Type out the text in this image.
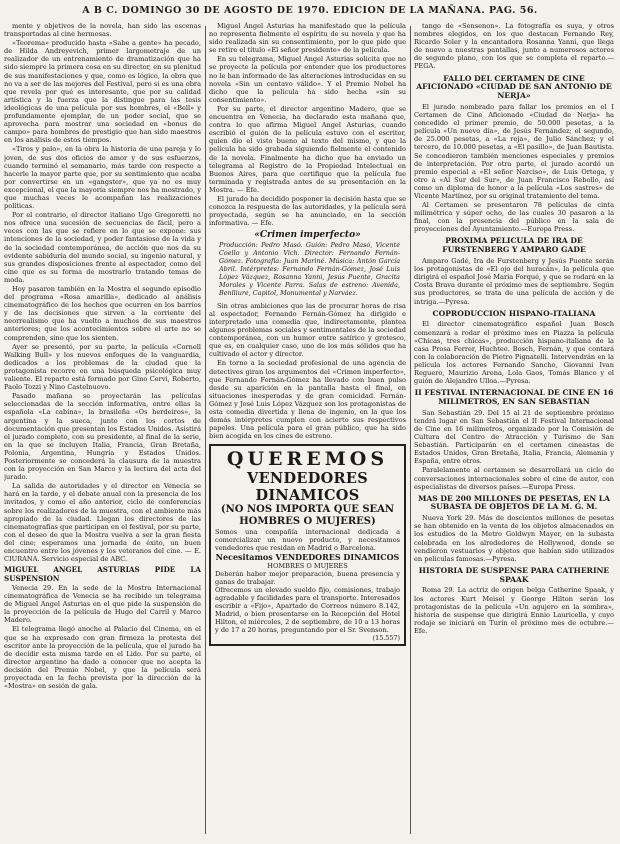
A B C. DOMINGO 30 DE AGOSTO DE 1970. EDICION DE LA MAÑANA. PAG. 56.

mente y objetivos de la novela, han sido las escenas transportadas al cine hermosas.

«Teorema» producido hasta «Sabe a gente» ha pecado, de Hilda Andreyevich, primer largometraje de un realizador de un entrenamiento de dramatización que ha sido siempre la primera cosa en su director, en su plenitud de sus manifestaciones y que, como es lógico, la obra que no va a ser de las mejores del Festival, pero si es una obra que revela por qué es interesante, que por su calidad artística y la fuerza que la distingue para las tesis ideológicas de una película por sus hombres, el «Bell» y profundamente ejemplar, de un poder social, que se aprovecha para mostrar una sociedad en «bonus de campo» para hombres de prestigio que han sido maestros en los análisis de estos tiempos.

«Tiros y palo», en la obra la historia de una pareja y lo joven, de sus dos oficios de amor y de sus esfuerzos, cuando terminó el semanario, más tarde con respecto a hacerle la mayor parte que, por su sentimiento que acaba por convertirse en un «gangster», que ya no es muy excepcional, el que la mayoría siempre nos ha mostrado, y que muchas veces le acompañan las realizaciones políticas.

Por el contrario, el director italiano Ugo Gregoretti no nos ofrece una sucesión de secuencias de fácil, pero a veces con las que se refiere en lo que se expone: sus intenciones de la sociedad, y poder fantasioso de la vida y de la sociedad contemporánea, de acción que nos da su evidente sabiduría del mundo social, su ingenio natural, y sus grandes disposiciones frente al espectador, como del cine que es su forma de mostrarlo tratando temas de moda.

Hoy pasaron también en la Mostra el segundo episodio del programa «Rosa amarilla», dedicado al análisis cinematográfico de los hechos que ocurren en los barrios y de las decisiones que sirven a la corriente del neorrealismo que ha vuelto a muchos de sus maestros anteriores; que los acontecimientos sobre el arte no se comprenden, sino que los sienten.

Ayer se presentó, por su parte, la película «Cornell Walking Bull» y los nuevos enfoques de la vanguardia, dedicados a los problemas de la ciudad que la protagonista recorre en una búsqueda psicológica muy valiente. El reparto está formado por Gino Cervi, Roberto, Paolo Tozzi y Nino Castelnuovo.

Pasado mañana se proyectarán las películas seleccionadas de la sección informativa, entre ellas la española «La cabina», la brasileña «Os herdeiros», la argentina y la sueca, junto con los cortos de documentación que presentan los Estados Unidos. Asistirá el jurado completo, con su presidente, al final de la serie, en la que se incluyen Italia, Francia, Gran Bretaña, Polonia, Argentina, Hungría y Estados Unidos. Posteriormente se concederá la clausura de la muestra con la proyección en San Marco y la lectura del acta del jurado.

La salida de autoridades y el director en Venecia se hará en la tarde, y el debate anual con la presencia de los invitados, y como el año anterior, ciclo de conferencias sobre los realizadores de la muestra, con el ambiente más apropiado de la ciudad. Llegan los directores de las cinematografías que participan en el festival, por su parte, con el deseo de que la Mostra vuelva a ser la gran fiesta del cine; esperamos una jornada de éxito, un buen encuentro entre los jóvenes y los veteranos del cine. — E. CIURANA. Servicio especial de ABC.

MIGUEL ANGEL ASTURIAS PIDE LA SUSPENSION

Venecia 29. En la sede de la Mostra Internacional cinematográfica de Venecia se ha recibido un telegrama de Miguel Angel Asturias en el que pide la suspensión de la proyección de la película de Hugo del Carril y Marco Madero.

El telegrama llegó anoche al Palacio del Cinema, en el que se ha expresado con gran firmeza la protesta del escritor ante la proyección de la película, que el jurado ha de decidir esta misma tarde en el Lido. Por su parte, el director argentino ha dado a conocer que no acepta la decisión del Premio Nobel, y que la película será proyectada en la fecha prevista por la dirección de la «Mostra» en sesión de gala.

Miguel Ángel Asturias ha manifestado que la película no representa fielmente el espíritu de su novela y que ha sido realizada sin su consentimiento, por lo que pide que se retire el título «El señor presidente» de la película.

En su telegrama, Miguel Angel Asturias solicita que no se proyecte la película por entender que los productores no le han informado de las alteraciones introducidas en su novela «Sin un centavo válido». Y el Premio Nobel ha dicho que la película ha sido hecha «sin su consentimiento».

Por su parte, el director argentino Madero, que se encuentra en Venecia, ha declarado esta mañana que, contra lo que afirma Miguel Angel Asturias, cuando escribió el guión de la película estuvo con el escritor, quien dio el visto bueno al texto del mismo, y que la película ha sido grabada siguiendo fielmente el contenido de la novela. Finalmente ha dicho que ha enviado un telegrama al Registro de la Propiedad Intelectual en Buenos Aires, para que certifique que la película fue terminada y registrada antes de su presentación en la Mostra. — Efe.

El jurado ha decidido posponer la decisión hasta que se conozca la respuesta de las autoridades, y la película será proyectada, según se ha anunciado, en la sección informativa. — Efe.

«Crimen imperfecto»

Producción: Pedro Masó. Guión: Pedro Masó, Vicente Coello y Antonio Vich. Director: Fernando Fernán-Gómez. Fotografía: Juan Mariné. Música: Antón García Abril. Intérpretes: Fernando Fernán-Gómez, José Luis López Vázquez, Rosanna Yanni, Jesús Puente, Gracita Morales y Vicente Parra. Salas de estreno: Avenida, Benlliure, Capitol, Monumental y Narváez.

Sin otras ambiciones que las de procurar horas de risa al espectador, Fernando Fernán-Gómez ha dirigido e interpretado una comedia que, indirectamente, plantea algunos problemas sociales y sentimentales de la sociedad contemporánea, con un humor entre satírico y grotesco, que es, en cualquier caso, uno de los más sólidos que ha cultivado el actor y director.

En torno a la sociedad profesional de una agencia de detectives giran los argumentos del «Crimen imperfecto», que Fernando Fernán-Gómez ha llevado con buen pulso desde su aparición en la pantalla hasta el final, en situaciones inesperadas y de gran comicidad. Fernán-Gómez y José Luis López Vázquez son los protagonistas de esta comedia divertida y llena de ingenio, en la que los demás intérpretes cumplen con acierto sus respectivos papeles. Una película para el gran público, que ha sido bien acogida en los cines de estreno.

QUEREMOS
VENDEDORES DINAMICOS
(NO NOS IMPORTA QUE SEAN
HOMBRES O MUJERES)
Somos una compañía internacional dedicada a comercializar un nuevo producto, y necesitamos vendedores que residan en Madrid o Barcelona.
Necesitamos VENDEDORES DINAMICOS
HOMBRES O MUJERES
Deberán haber mejor preparación, buena presencia y ganas de trabajar.
Ofrecemos un elevado sueldo fijo, comisiones, trabajo agradable y facilidades para el transporte. Interesados escribir a «Fijo», Apartado de Correos número 8.142, Madrid, o bien presentarse en la Recepción del Hotel Hilton, el miércoles, 2 de septiembre, de 10 a 13 horas y de 17 a 20 horas, preguntando por el Sr. Svenson.
(15.557)

tango de «Sensenon». La fotografía es suya, y otros nombres elegidos, en los que destacan Fernando Rey, Ricardo Soler y la encantadora Rosanna Yanni, que llega de nuevo a nuestras pantallas, junto a numerosos actores de segundo plano, con los que se completa el reparto.—PEGA.

FALLO DEL CERTAMEN DE CINE AFICIONADO «CIUDAD DE SAN ANTONIO DE NERJA»

El jurado nombrado para fallar los premios en el I Certamen de Cine Aficionado «Ciudad de Nerja» ha concedido el primer premio, de 50.000 pesetas, a la película «Un nuevo día», de Jesús Fernández; el segundo, de 25.000 pesetas, a «La reja», de Julio Sánchez; y el tercero, de 10.000 pesetas, a «El pasillo», de Juan Bautista. Se concedieron también menciones especiales y premios de interpretación. Por otra parte, el jurado acordó un premio especial a «El señor Narciso», de Luis Ortega, y otro a «Al Sur del Sur», de Juan Francisco Rebollo, así como un diploma de honor a la película «Los sastres» de Vicente Martínez, por su original tratamiento del tema.

Al Certamen se presentaron 78 películas de cinta milimétrica y súper ocho, de las cuales 30 pasaron a la final, con la presencia del público en la sala de proyecciones del Ayuntamiento.—Europa Press.

PROXIMA PELICULA DE IRA DE FURSTENBERG Y AMPARO GADE

Amparo Gadé, Ira de Furstenberg y Jesús Puente serán los protagonistas de «El ojo del huracán», la película que dirigirá el español José María Forqué, y que se rodará en la Costa Brava durante el próximo mes de septiembre. Según sus productores, se trata de una película de acción y de intriga.—Pyresa.

COPRODUCCION HISPANO-ITALIANA

El director cinematográfico español Juan Bosch comenzará a rodar el próximo mes en Piazza la película «Chicas, tres chicas», producción hispano-italiana de la casa Prosa Ferrer, Huchtee. Bosch, Fernán, y que contará con la colaboración de Pietro Pignatelli. Intervendrán en la película los actores Fernando Sancho, Giovanni Ivan Reguero, Maurizio Arena, Lola Gaos, Tomás Blanco y el guión de Alejandro Ulloa.—Pyresa.

II FESTIVAL INTERNACIONAL DE CINE EN 16 MILIMETROS, EN SAN SEBASTIAN

San Sebastián 29. Del 15 al 21 de septiembre próximo tendrá lugar en San Sebastián el II Festival Internacional de Cine en 16 milímetros, organizado por la Comisión de Cultura del Centro de Atracción y Turismo de San Sebastián. Participarán en el certamen cineastas de Estados Unidos, Gran Bretaña, Italia, Francia, Alemania y España, entre otros.

Paralelamente al certamen se desarrollará un ciclo de conversaciones internacionales sobre el cine de autor, con especialistas de diversos países.—Europa Press.

MAS DE 200 MILLONES DE PESETAS, EN LA SUBASTA DE OBJETOS DE LA M. G. M.

Nueva York 29. Más de doscientos millones de pesetas se han obtenido en la venta de los objetos almacenados en los estudios de la Metro Goldwyn Mayer, en la subasta celebrada en los alrededores de Hollywood, donde se vendieron vestuarios y objetos que habían sido utilizados en películas famosas.—Pyresa.

HISTORIA DE SUSPENSE PARA CATHERINE SPAAK

Roma 29. La actriz de origen belga Catherine Spaak, y los actores Kurt Meisel y George Hilton serán los protagonistas de la película «Un agujero en la sombra», historia de suspense que dirigirá Ennio Lauricella, y cuyo rodaje se iniciará en Turín el próximo mes de octubre.—Efe.
